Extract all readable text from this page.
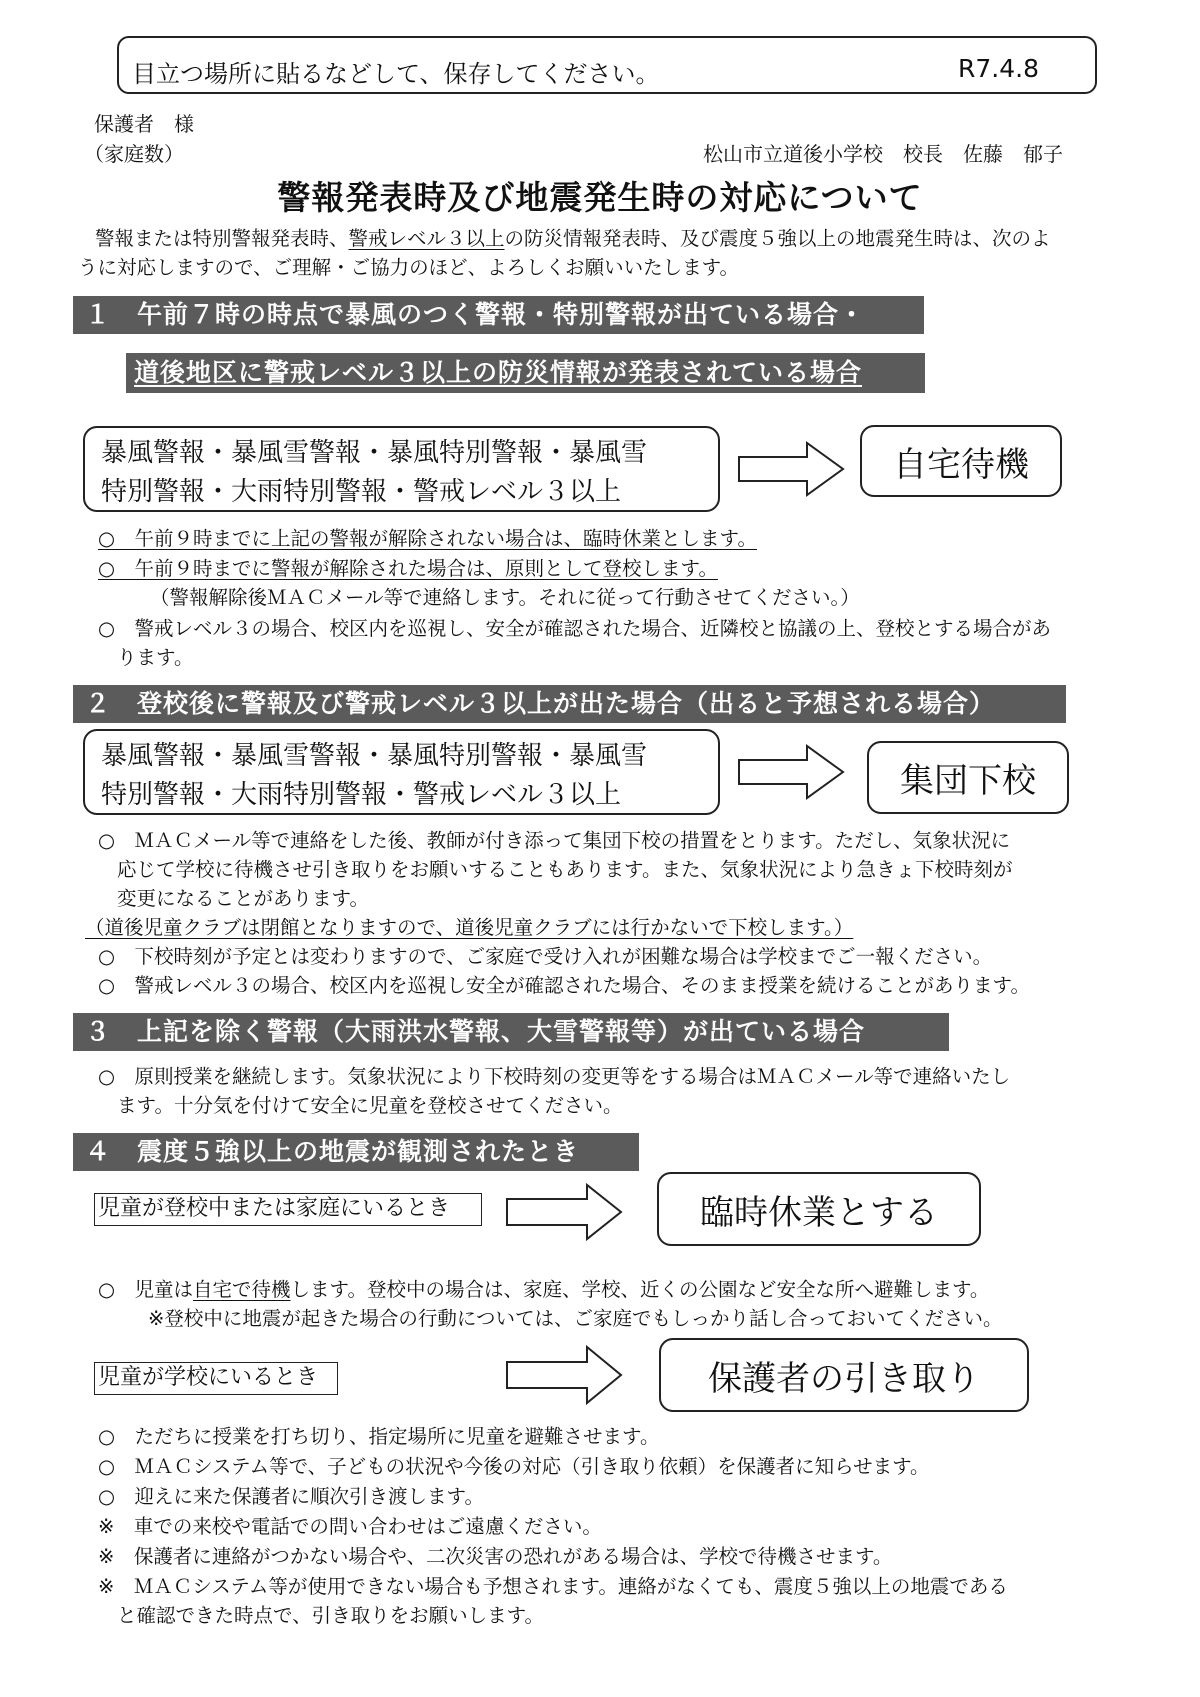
目立つ場所に貼るなどして、保存してください。	R7.4.8
保護者　様
（家庭数）	松山市立道後小学校　校長　佐藤　郁子
警報発表時及び地震発生時の対応について
警報または特別警報発表時、警戒レベル３以上の防災情報発表時、及び震度５強以上の地震発生時は、次のよ
うに対応しますので、ご理解・ご協力のほど、よろしくお願いいたします。
１　午前７時の時点で暴風のつく警報・特別警報が出ている場合・
道後地区に警戒レベル３以上の防災情報が発表されている場合
暴風警報・暴風雪警報・暴風特別警報・暴風雪
特別警報・大雨特別警報・警戒レベル３以上
自宅待機
○　午前９時までに上記の警報が解除されない場合は、臨時休業とします。
○　午前９時までに警報が解除された場合は、原則として登校します。
（警報解除後ＭＡＣメール等で連絡します。それに従って行動させてください。）
○　警戒レベル３の場合、校区内を巡視し、安全が確認された場合、近隣校と協議の上、登校とする場合があ
ります。
２　登校後に警報及び警戒レベル３以上が出た場合（出ると予想される場合）
暴風警報・暴風雪警報・暴風特別警報・暴風雪
特別警報・大雨特別警報・警戒レベル３以上	集団下校
○　ＭＡＣメール等で連絡をした後、教師が付き添って集団下校の措置をとります。ただし、気象状況に
応じて学校に待機させ引き取りをお願いすることもあります。また、気象状況により急きょ下校時刻が
変更になることがあります。
（道後児童クラブは閉館となりますので、道後児童クラブには行かないで下校します。）
○　下校時刻が予定とは変わりますので、ご家庭で受け入れが困難な場合は学校までご一報ください。
○　警戒レベル３の場合、校区内を巡視し安全が確認された場合、そのまま授業を続けることがあります。
３　上記を除く警報（大雨洪水警報、大雪警報等）が出ている場合
○　原則授業を継続します。気象状況により下校時刻の変更等をする場合はＭＡＣメール等で連絡いたし
ます。十分気を付けて安全に児童を登校させてください。
４　震度５強以上の地震が観測されたとき
児童が登校中または家庭にいるとき	臨時休業とする
○　児童は自宅で待機します。登校中の場合は、家庭、学校、近くの公園など安全な所へ避難します。
※登校中に地震が起きた場合の行動については、ご家庭でもしっかり話し合っておいてください。
児童が学校にいるとき	保護者の引き取り
○　ただちに授業を打ち切り、指定場所に児童を避難させます。
○　ＭＡＣシステム等で、子どもの状況や今後の対応（引き取り依頼）を保護者に知らせます。
○　迎えに来た保護者に順次引き渡します。
※　車での来校や電話での問い合わせはご遠慮ください。
※　保護者に連絡がつかない場合や、二次災害の恐れがある場合は、学校で待機させます。
※　ＭＡＣシステム等が使用できない場合も予想されます。連絡がなくても、震度５強以上の地震である
と確認できた時点で、引き取りをお願いします。
